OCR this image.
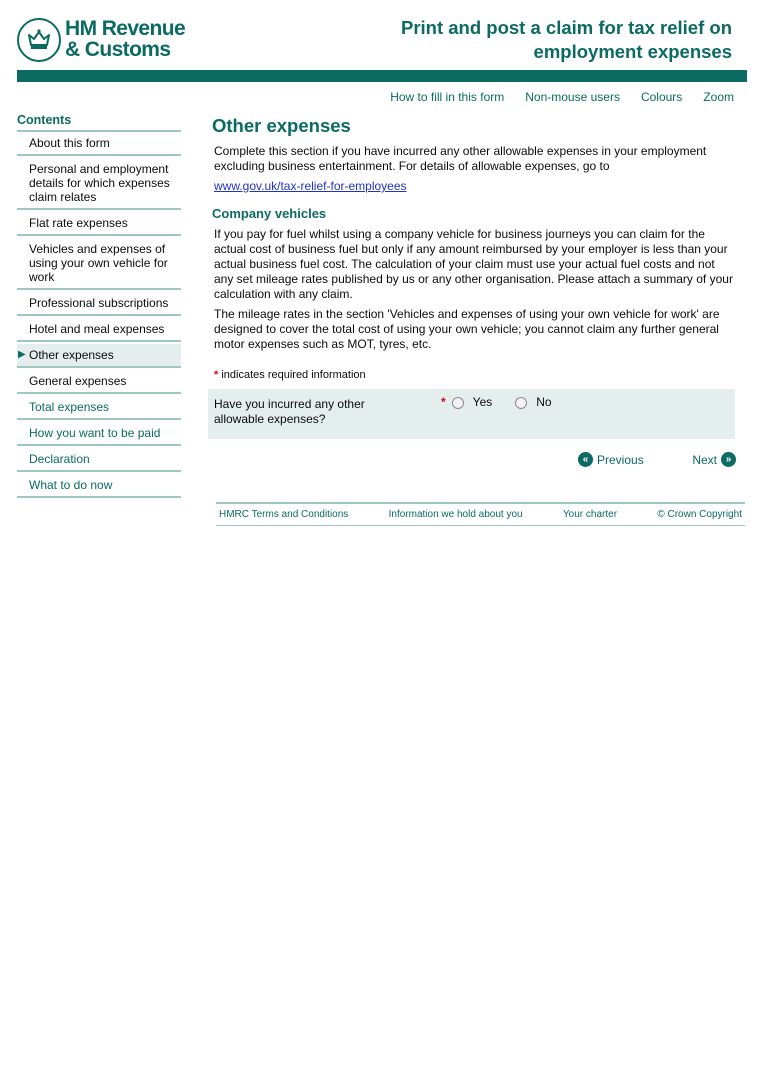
HM Revenue
& Customs
Print and post a claim for tax relief on
employment expenses
How to fill in this form Non-mouse users Colours Zoom
Contents
About this form
Personal and employment details for which expenses claim relates
Flat rate expenses
Vehicles and expenses of using your own vehicle for work
Professional subscriptions
Hotel and meal expenses
▶ Other expenses
General expenses
Total expenses
How you want to be paid
Declaration
What to do now
Other expenses
Complete this section if you have incurred any other allowable expenses in your employment excluding business entertainment. For details of allowable expenses, go to
www.gov.uk/tax-relief-for-employees
Company vehicles
If you pay for fuel whilst using a company vehicle for business journeys you can claim for the actual cost of business fuel but only if any amount reimbursed by your employer is less than your actual business fuel cost. The calculation of your claim must use your actual fuel costs and not any set mileage rates published by us or any other organisation. Please attach a summary of your calculation with any claim.
The mileage rates in the section 'Vehicles and expenses of using your own vehicle for work' are designed to cover the total cost of using your own vehicle; you cannot claim any further general motor expenses such as MOT, tyres, etc.
* indicates required information
Have you incurred any other allowable expenses?
* Yes	No
« Previous	Next »
HMRC Terms and Conditions	Information we hold about you	Your charter	© Crown Copyright
